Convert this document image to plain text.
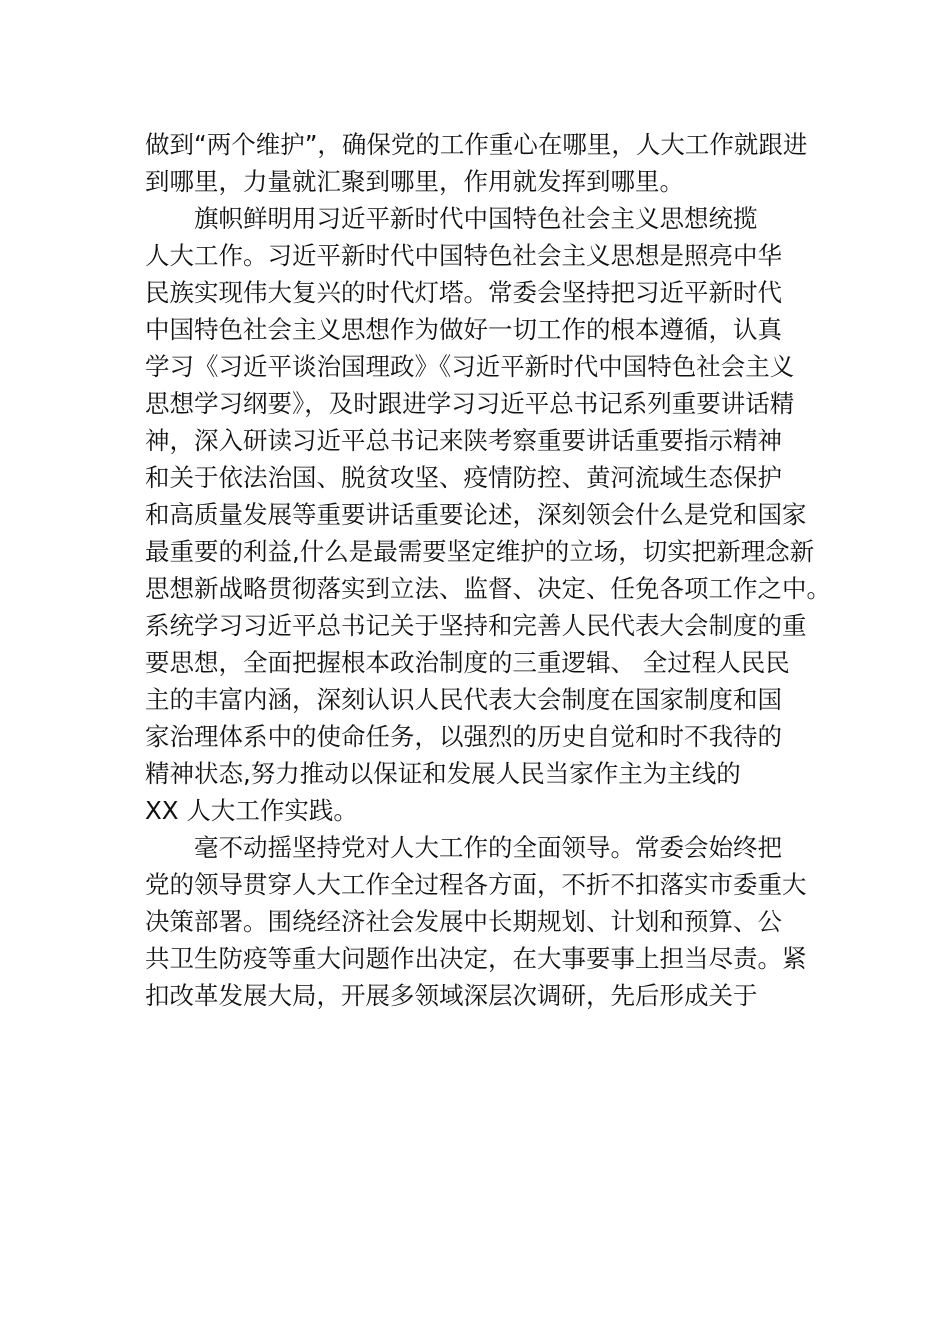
做到“两个维护”，确保党的工作重心在哪里，人大工作就跟进
到哪里，力量就汇聚到哪里，作用就发挥到哪里。
旗帜鲜明用习近平新时代中国特色社会主义思想统揽
人大工作。习近平新时代中国特色社会主义思想是照亮中华
民族实现伟大复兴的时代灯塔。常委会坚持把习近平新时代
中国特色社会主义思想作为做好一切工作的根本遵循，认真
学习《习近平谈治国理政》《习近平新时代中国特色社会主义
思想学习纲要》，及时跟进学习习近平总书记系列重要讲话精
神，深入研读习近平总书记来陕考察重要讲话重要指示精神
和关于依法治国、脱贫攻坚、疫情防控、黄河流域生态保护
和高质量发展等重要讲话重要论述，深刻领会什么是党和国家
最重要的利益,什么是最需要坚定维护的立场，切实把新理念新
思想新战略贯彻落实到立法、监督、决定、任免各项工作之中。
系统学习习近平总书记关于坚持和完善人民代表大会制度的重
要思想，全面把握根本政治制度的三重逻辑、 全过程人民民
主的丰富内涵，深刻认识人民代表大会制度在国家制度和国
家治理体系中的使命任务，以强烈的历史自觉和时不我待的
精神状态,努力推动以保证和发展人民当家作主为主线的
XX 人大工作实践。
毫不动摇坚持党对人大工作的全面领导。常委会始终把
党的领导贯穿人大工作全过程各方面，不折不扣落实市委重大
决策部署。围绕经济社会发展中长期规划、计划和预算、公
共卫生防疫等重大问题作出决定，在大事要事上担当尽责。紧
扣改革发展大局，开展多领域深层次调研，先后形成关于
